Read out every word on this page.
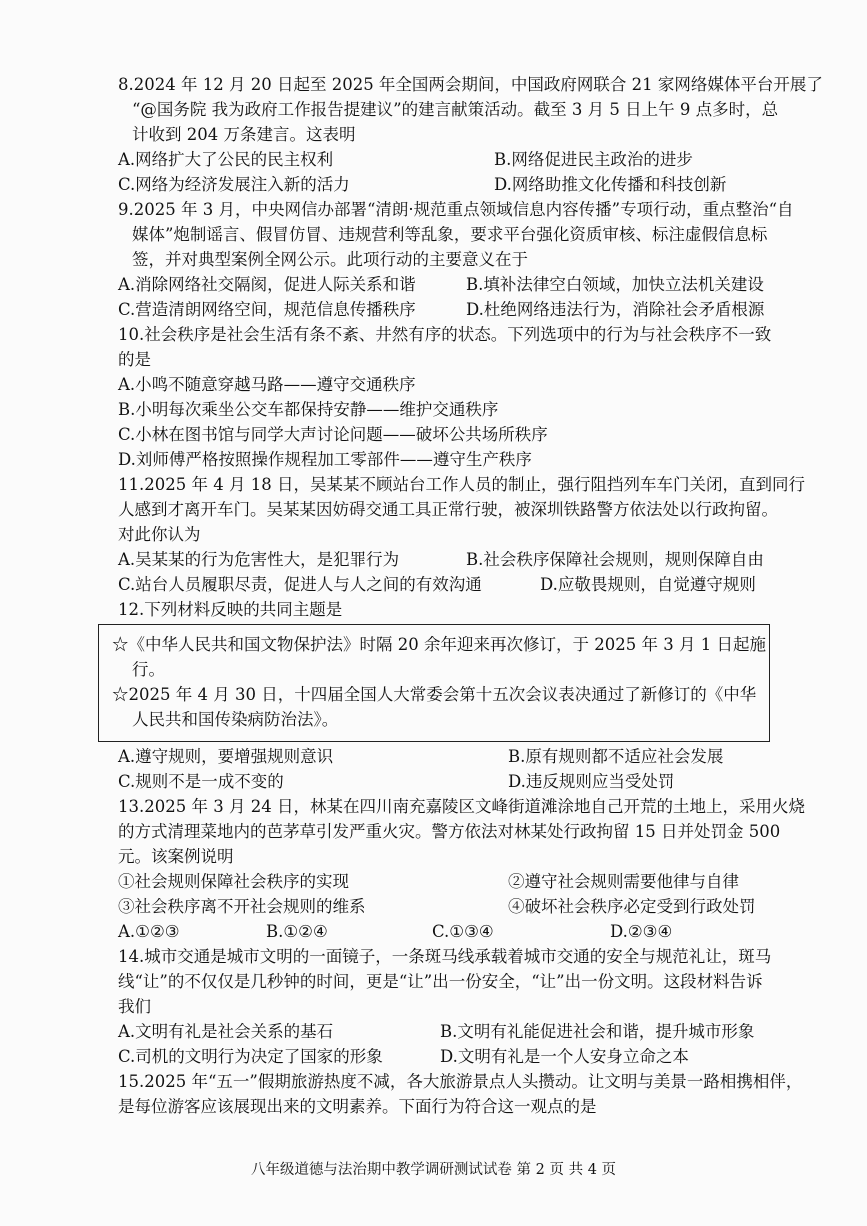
8.2024 年 12 月 20 日起至 2025 年全国两会期间，中国政府网联合 21 家网络媒体平台开展了
“@国务院 我为政府工作报告提建议”的建言献策活动。截至 3 月 5 日上午 9 点多时，总
计收到 204 万条建言。这表明
A.网络扩大了公民的民主权利	B.网络促进民主政治的进步
C.网络为经济发展注入新的活力	D.网络助推文化传播和科技创新
9.2025 年 3 月，中央网信办部署“清朗·规范重点领域信息内容传播”专项行动，重点整治“自
媒体”炮制谣言、假冒仿冒、违规营利等乱象，要求平台强化资质审核、标注虚假信息标
签，并对典型案例全网公示。此项行动的主要意义在于
A.消除网络社交隔阂，促进人际关系和谐	B.填补法律空白领域，加快立法机关建设
C.营造清朗网络空间，规范信息传播秩序	D.杜绝网络违法行为，消除社会矛盾根源
10.社会秩序是社会生活有条不紊、井然有序的状态。下列选项中的行为与社会秩序不一致
的是
A.小鸣不随意穿越马路——遵守交通秩序
B.小明每次乘坐公交车都保持安静——维护交通秩序
C.小林在图书馆与同学大声讨论问题——破坏公共场所秩序
D.刘师傅严格按照操作规程加工零部件——遵守生产秩序
11.2025 年 4 月 18 日，吴某某不顾站台工作人员的制止，强行阻挡列车车门关闭，直到同行
人感到才离开车门。吴某某因妨碍交通工具正常行驶，被深圳铁路警方依法处以行政拘留。
对此你认为
A.吴某某的行为危害性大，是犯罪行为	B.社会秩序保障社会规则，规则保障自由
C.站台人员履职尽责，促进人与人之间的有效沟通	D.应敬畏规则，自觉遵守规则
12.下列材料反映的共同主题是
☆《中华人民共和国文物保护法》时隔 20 余年迎来再次修订，于 2025 年 3 月 1 日起施
行。
☆2025 年 4 月 30 日，十四届全国人大常委会第十五次会议表决通过了新修订的《中华
人民共和国传染病防治法》。
A.遵守规则，要增强规则意识	B.原有规则都不适应社会发展
C.规则不是一成不变的	D.违反规则应当受处罚
13.2025 年 3 月 24 日，林某在四川南充嘉陵区文峰街道滩涂地自己开荒的土地上，采用火烧
的方式清理菜地内的芭茅草引发严重火灾。警方依法对林某处行政拘留 15 日并处罚金 500
元。该案例说明
①社会规则保障社会秩序的实现	②遵守社会规则需要他律与自律
③社会秩序离不开社会规则的维系	④破坏社会秩序必定受到行政处罚
A.①②③	B.①②④	C.①③④	D.②③④
14.城市交通是城市文明的一面镜子，一条斑马线承载着城市交通的安全与规范礼让，斑马
线“让”的不仅仅是几秒钟的时间，更是“让”出一份安全，“让”出一份文明。这段材料告诉
我们
A.文明有礼是社会关系的基石	B.文明有礼能促进社会和谐，提升城市形象
C.司机的文明行为决定了国家的形象	D.文明有礼是一个人安身立命之本
15.2025 年“五一”假期旅游热度不减，各大旅游景点人头攒动。让文明与美景一路相携相伴，
是每位游客应该展现出来的文明素养。下面行为符合这一观点的是
八年级道德与法治期中教学调研测试试卷 第 2 页 共 4 页
